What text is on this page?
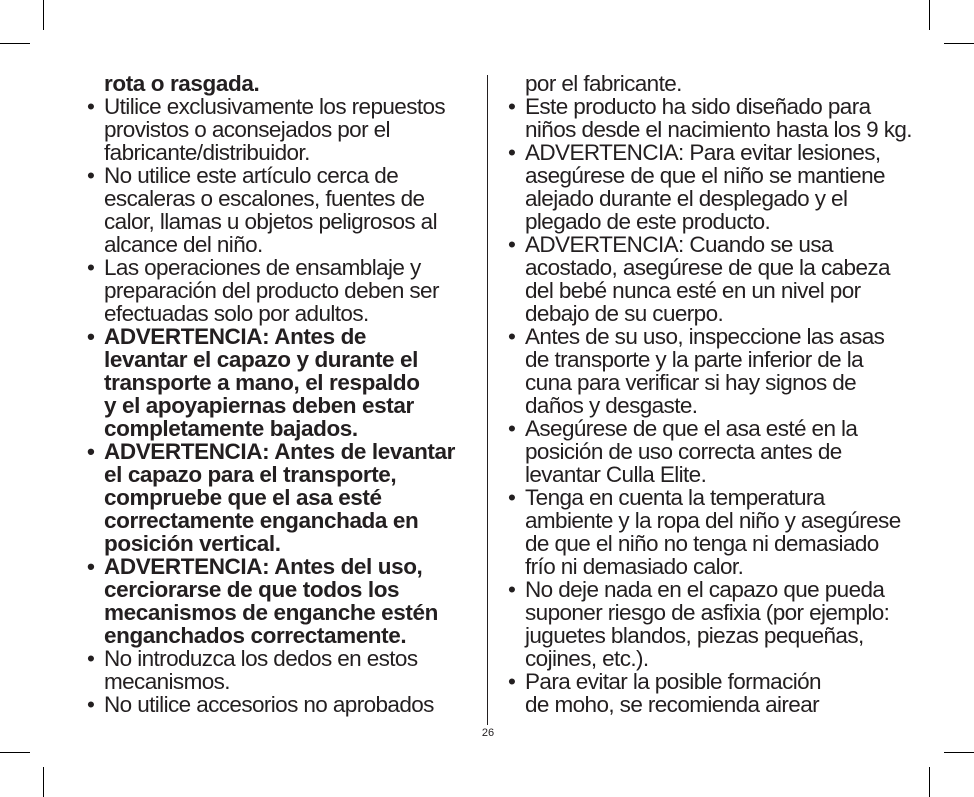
rota o rasgada.
• Utilice exclusivamente los repuestos
provistos o aconsejados por el
fabricante/distribuidor.
• No utilice este artículo cerca de
escaleras o escalones, fuentes de
calor, llamas u objetos peligrosos al
alcance del niño.
• Las operaciones de ensamblaje y
preparación del producto deben ser
efectuadas solo por adultos.
• ADVERTENCIA: Antes de
levantar el capazo y durante el
transporte a mano, el respaldo
y el apoyapiernas deben estar
completamente bajados.
• ADVERTENCIA: Antes de levantar
el capazo para el transporte,
compruebe que el asa esté
correctamente enganchada en
posición vertical.
• ADVERTENCIA: Antes del uso,
cerciorarse de que todos los
mecanismos de enganche estén
enganchados correctamente.
• No introduzca los dedos en estos
mecanismos.
• No utilice accesorios no aprobados
por el fabricante.
• Este producto ha sido diseñado para
niños desde el nacimiento hasta los 9 kg.
• ADVERTENCIA: Para evitar lesiones,
asegúrese de que el niño se mantiene
alejado durante el desplegado y el
plegado de este producto.
• ADVERTENCIA: Cuando se usa
acostado, asegúrese de que la cabeza
del bebé nunca esté en un nivel por
debajo de su cuerpo.
• Antes de su uso, inspeccione las asas
de transporte y la parte inferior de la
cuna para verificar si hay signos de
daños y desgaste.
• Asegúrese de que el asa esté en la
posición de uso correcta antes de
levantar Culla Elite.
• Tenga en cuenta la temperatura
ambiente y la ropa del niño y asegúrese
de que el niño no tenga ni demasiado
frío ni demasiado calor.
• No deje nada en el capazo que pueda
suponer riesgo de asfixia (por ejemplo:
juguetes blandos, piezas pequeñas,
cojines, etc.).
• Para evitar la posible formación
de moho, se recomienda airear
26
